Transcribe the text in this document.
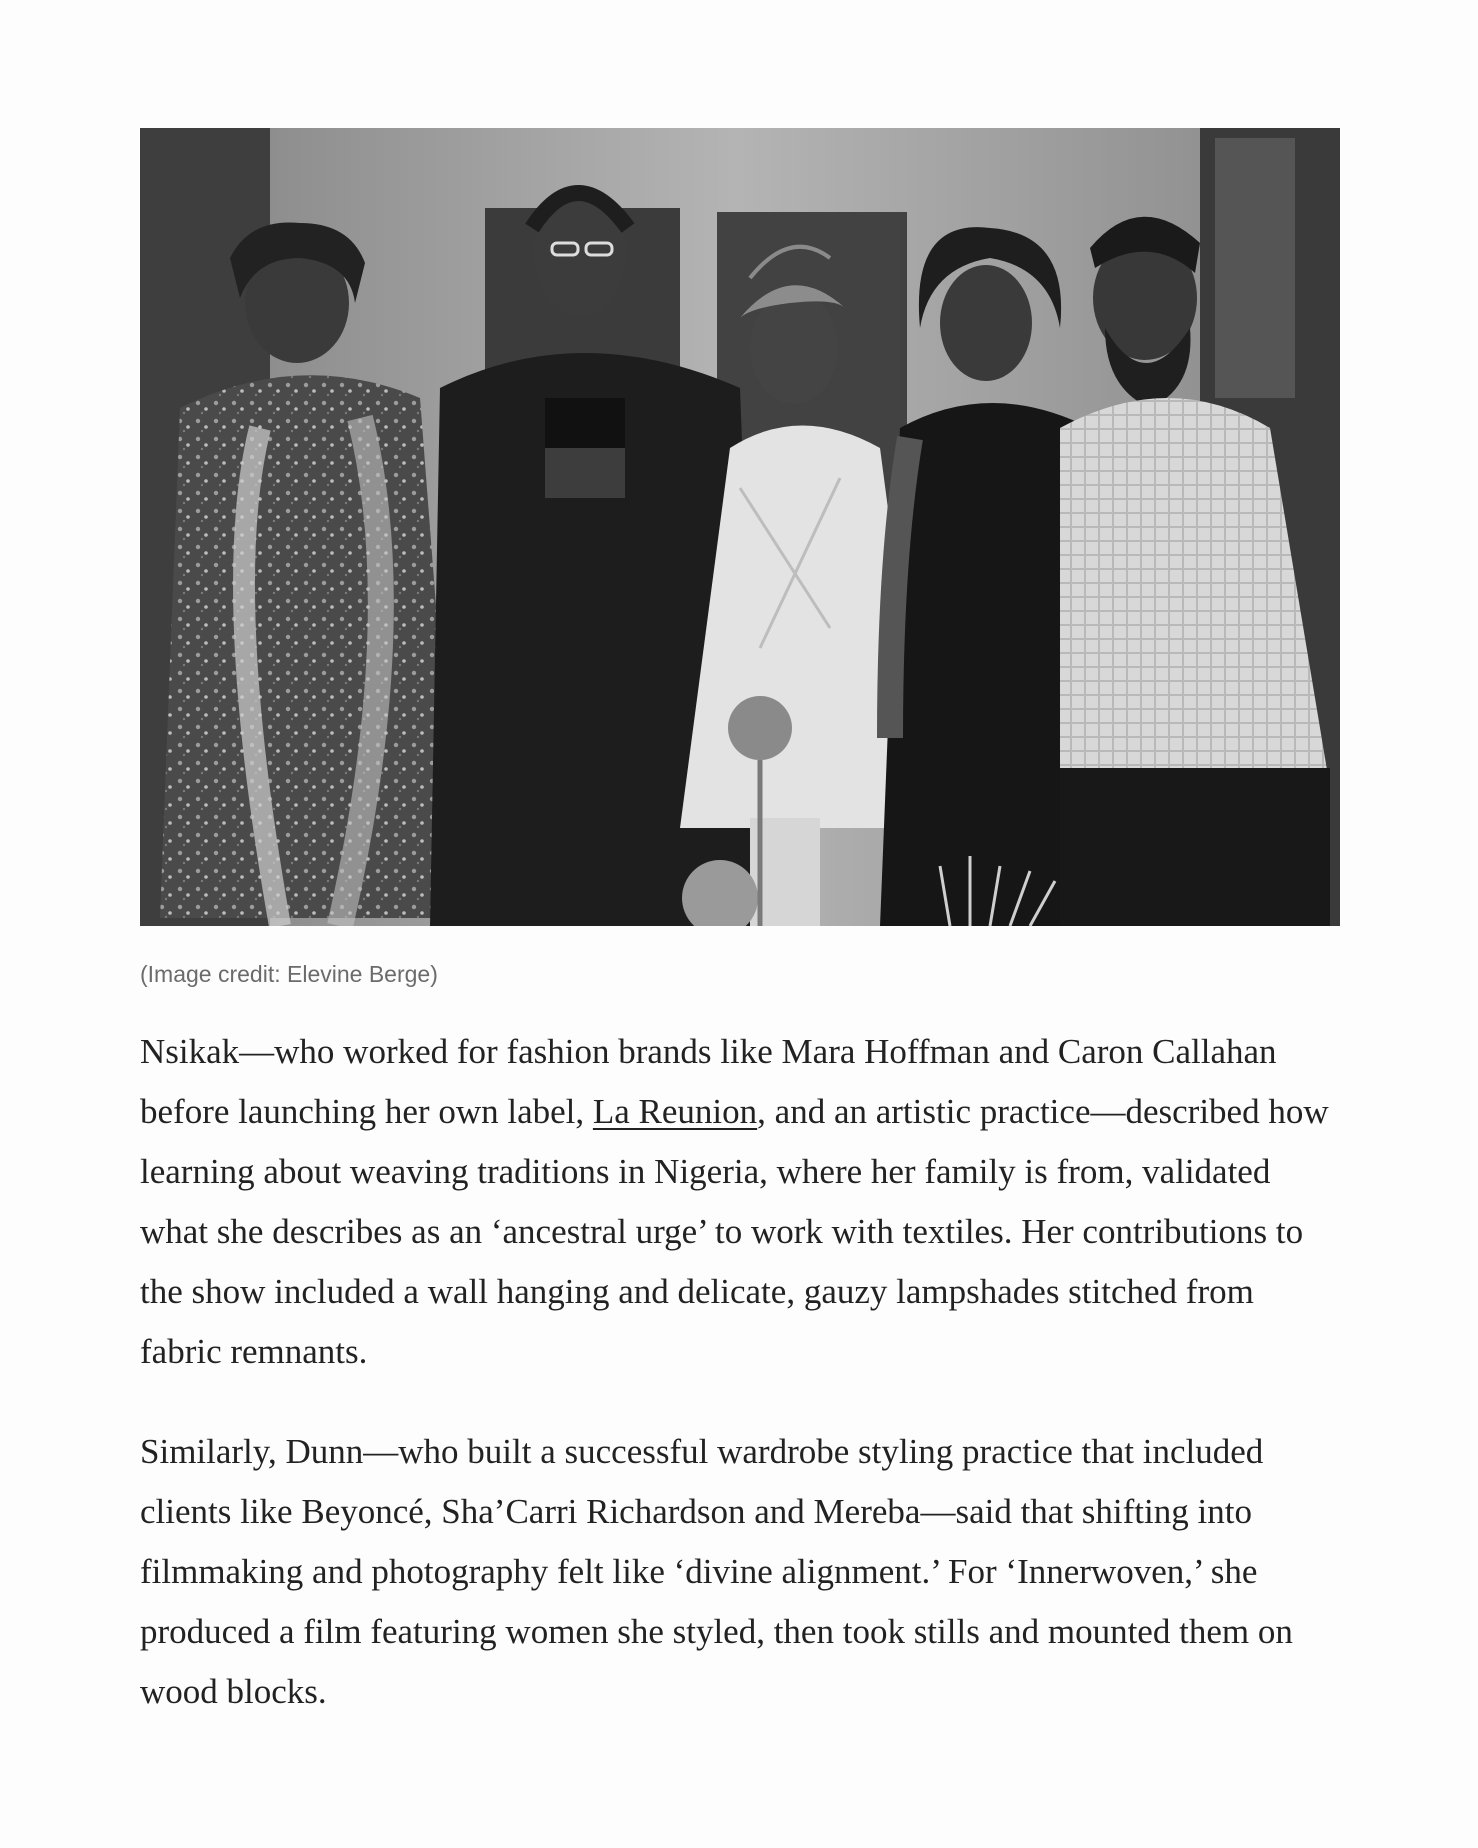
(Image credit: Elevine Berge)

Nsikak—who worked for fashion brands like Mara Hoffman and Caron Callahan before launching her own label, La Reunion, and an artistic practice—described how learning about weaving traditions in Nigeria, where her family is from, validated what she describes as an ‘ancestral urge’ to work with textiles. Her contributions to the show included a wall hanging and delicate, gauzy lampshades stitched from fabric remnants.

Similarly, Dunn—who built a successful wardrobe styling practice that included clients like Beyoncé, Sha’Carri Richardson and Mereba—said that shifting into filmmaking and photography felt like ‘divine alignment.’ For ‘Innerwoven,’ she produced a film featuring women she styled, then took stills and mounted them on wood blocks.
